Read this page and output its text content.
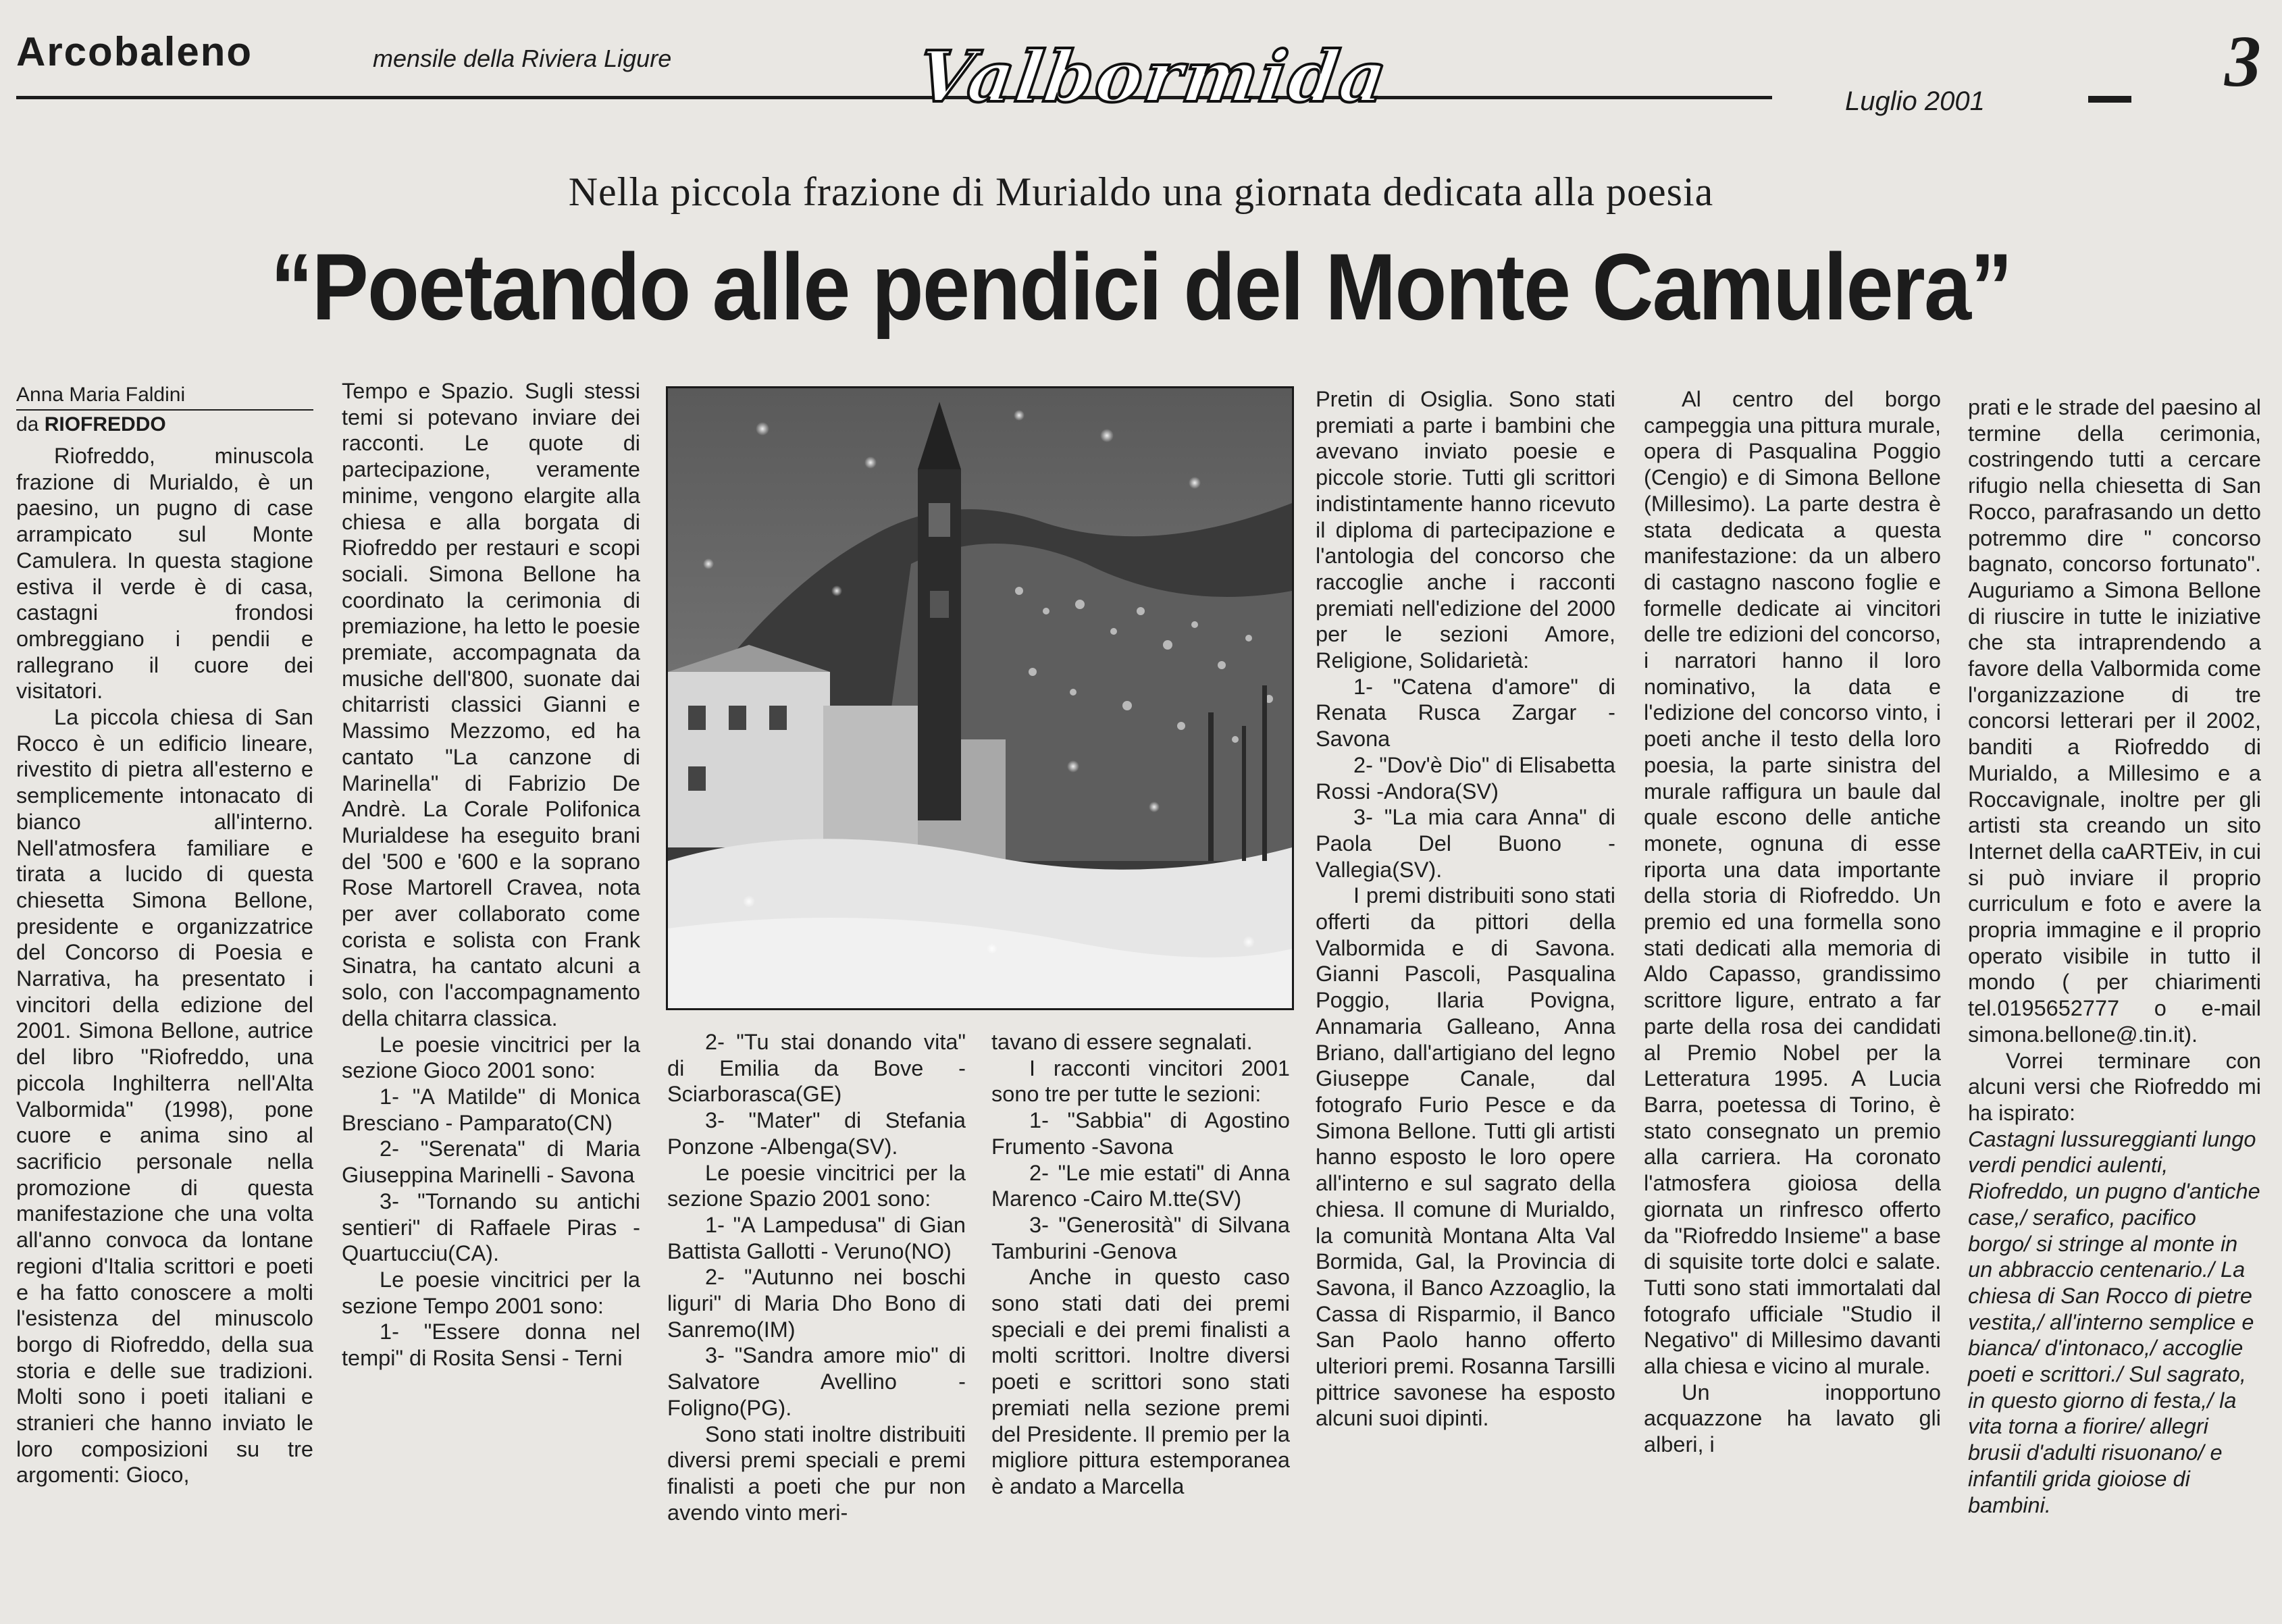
Arcobaleno	mensile della Riviera Ligure	Valbormida	Luglio 2001	3
Nella piccola frazione di Murialdo una giornata dedicata alla poesia
“Poetando alle pendici del Monte Camulera”
Anna Maria Faldini
da RIOFREDDO

Riofreddo, minuscola frazione di Murialdo, è un paesino, un pugno di case arrampicato sul Monte Camulera. In questa stagione estiva il verde è di casa, castagni frondosi ombreggiano i pendii e rallegrano il cuore dei visitatori.

La piccola chiesa di San Rocco è un edificio lineare, rivestito di pietra all'esterno e semplicemente intonacato di bianco all'interno. Nell'atmosfera familiare e tirata a lucido di questa chiesetta Simona Bellone, presidente e organizzatrice del Concorso di Poesia e Narrativa, ha presentato i vincitori della edizione del 2001. Simona Bellone, autrice del libro "Riofreddo, una piccola Inghilterra nell'Alta Valbormida" (1998), pone cuore e anima sino al sacrificio personale nella promozione di questa manifestazione che una volta all'anno convoca da lontane regioni d'Italia scrittori e poeti e ha fatto conoscere a molti l'esistenza del minuscolo borgo di Riofreddo, della sua storia e delle sue tradizioni. Molti sono i poeti italiani e stranieri che hanno inviato le loro composizioni su tre argomenti: Gioco,

Tempo e Spazio. Sugli stessi temi si potevano inviare dei racconti. Le quote di partecipazione, veramente minime, vengono elargite alla chiesa e alla borgata di Riofreddo per restauri e scopi sociali. Simona Bellone ha coordinato la cerimonia di premiazione, ha letto le poesie premiate, accompagnata da musiche dell'800, suonate dai chitarristi classici Gianni e Massimo Mezzomo, ed ha cantato "La canzone di Marinella" di Fabrizio De Andrè. La Corale Polifonica Murialdese ha eseguito brani del '500 e '600 e la soprano Rose Martorell Cravea, nota per aver collaborato come corista e solista con Frank Sinatra, ha cantato alcuni a solo, con l'accompagnamento della chitarra classica.

Le poesie vincitrici per la sezione Gioco 2001 sono:

1- "A Matilde" di Monica Bresciano - Pamparato(CN)

2- "Serenata" di Maria Giuseppina Marinelli - Savona

3- "Tornando su antichi sentieri" di Raffaele Piras - Quartucciu(CA).

Le poesie vincitrici per la sezione Tempo 2001 sono:

1- "Essere donna nel tempi" di Rosita Sensi - Terni

2- "Tu stai donando vita" di Emilia da Bove -Sciarborasca(GE)

3- "Mater" di Stefania Ponzone -Albenga(SV).

Le poesie vincitrici per la sezione Spazio 2001 sono:

1- "A Lampedusa" di Gian Battista Gallotti - Veruno(NO)

2- "Autunno nei boschi liguri" di Maria Dho Bono di Sanremo(IM)

3- "Sandra amore mio" di Salvatore Avellino -Foligno(PG).

Sono stati inoltre distribuiti diversi premi speciali e premi finalisti a poeti che pur non avendo vinto meri-

tavano di essere segnalati.

I racconti vincitori 2001 sono tre per tutte le sezioni:

1- "Sabbia" di Agostino Frumento -Savona

2- "Le mie estati" di Anna Marenco -Cairo M.tte(SV)

3- "Generosità" di Silvana Tamburini -Genova

Anche in questo caso sono stati dati dei premi speciali e dei premi finalisti a molti scrittori. Inoltre diversi poeti e scrittori sono stati premiati nella sezione premi del Presidente. Il premio per la migliore pittura estemporanea è andato a Marcella

Pretin di Osiglia. Sono stati premiati a parte i bambini che avevano inviato poesie e piccole storie. Tutti gli scrittori indistintamente hanno ricevuto il diploma di partecipazione e l'antologia del concorso che raccoglie anche i racconti premiati nell'edizione del 2000 per le sezioni Amore, Religione, Solidarietà:

1- "Catena d'amore" di Renata Rusca Zargar - Savona

2- "Dov'è Dio" di Elisabetta Rossi -Andora(SV)

3- "La mia cara Anna" di Paola Del Buono -Vallegia(SV).

I premi distribuiti sono stati offerti da pittori della Valbormida e di Savona. Gianni Pascoli, Pasqualina Poggio, Ilaria Povigna, Annamaria Galleano, Anna Briano, dall'artigiano del legno Giuseppe Canale, dal fotografo Furio Pesce e da Simona Bellone. Tutti gli artisti hanno esposto le loro opere all'interno e sul sagrato della chiesa. Il comune di Murialdo, la comunità Montana Alta Val Bormida, Gal, la Provincia di Savona, il Banco Azzoaglio, la Cassa di Risparmio, il Banco San Paolo hanno offerto ulteriori premi. Rosanna Tarsilli pittrice savonese ha esposto alcuni suoi dipinti.

Al centro del borgo campeggia una pittura murale, opera di Pasqualina Poggio (Cengio) e di Simona Bellone (Millesimo). La parte destra è stata dedicata a questa manifestazione: da un albero di castagno nascono foglie e formelle dedicate ai vincitori delle tre edizioni del concorso, i narratori hanno il loro nominativo, la data e l'edizione del concorso vinto, i poeti anche il testo della loro poesia, la parte sinistra del murale raffigura un baule dal quale escono delle antiche monete, ognuna di esse riporta una data importante della storia di Riofreddo. Un premio ed una formella sono stati dedicati alla memoria di Aldo Capasso, grandissimo scrittore ligure, entrato a far parte della rosa dei candidati al Premio Nobel per la Letteratura 1995. A Lucia Barra, poetessa di Torino, è stato consegnato un premio alla carriera. Ha coronato l'atmosfera gioiosa della giornata un rinfresco offerto da "Riofreddo Insieme" a base di squisite torte dolci e salate. Tutti sono stati immortalati dal fotografo ufficiale "Studio il Negativo" di Millesimo davanti alla chiesa e vicino al murale.

Un inopportuno acquazzone ha lavato gli alberi, i

prati e le strade del paesino al termine della cerimonia, costringendo tutti a cercare rifugio nella chiesetta di San Rocco, parafrasando un detto potremmo dire " concorso bagnato, concorso fortunato". Auguriamo a Simona Bellone di riuscire in tutte le iniziative che sta intraprendendo a favore della Valbormida come l'organizzazione di tre concorsi letterari per il 2002, banditi a Riofreddo di Murialdo, a Millesimo e a Roccavignale, inoltre per gli artisti sta creando un sito Internet della caARTEiv, in cui si può inviare il proprio curriculum e foto e avere la propria immagine e il proprio operato visibile in tutto il mondo ( per chiarimenti tel.0195652777 o e-mail simona.bellone@.tin.it).

Vorrei terminare con alcuni versi che Riofreddo mi ha ispirato:

Castagni lussureggianti lungo verdi pendici aulenti, Riofreddo, un pugno d'antiche case,/ serafico, pacifico borgo/ si stringe al monte in un abbraccio centenario./ La chiesa di San Rocco di pietre vestita,/ all'interno semplice e bianca/ d'intonaco,/ accoglie poeti e scrittori./ Sul sagrato, in questo giorno di festa,/ la vita torna a fiorire/ allegri brusii d'adulti risuonano/ e infantili grida gioiose di bambini.
